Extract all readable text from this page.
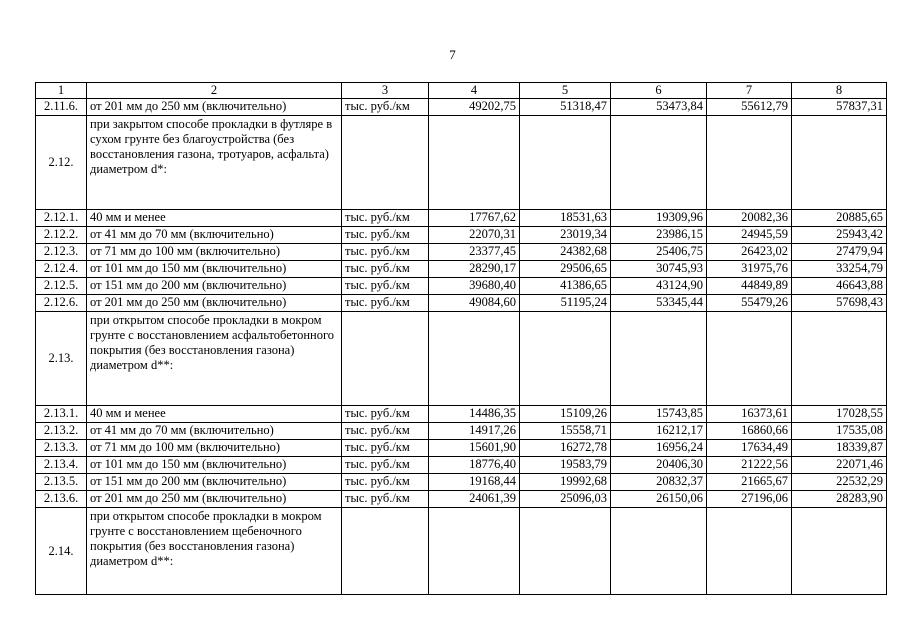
7
1	2	3	4	5	6	7	8
2.11.6.	от 201 мм до 250 мм (включительно)	тыс. руб./км	49202,75	51318,47	53473,84	55612,79	57837,31
2.12.	при закрытом способе прокладки в футляре в сухом грунте без благоустройства (без восстановления газона, тротуаров, асфальта) диаметром d*:						
2.12.1.	40 мм и менее	тыс. руб./км	17767,62	18531,63	19309,96	20082,36	20885,65
2.12.2.	от 41 мм до 70 мм (включительно)	тыс. руб./км	22070,31	23019,34	23986,15	24945,59	25943,42
2.12.3.	от 71 мм до 100 мм (включительно)	тыс. руб./км	23377,45	24382,68	25406,75	26423,02	27479,94
2.12.4.	от 101 мм до 150 мм (включительно)	тыс. руб./км	28290,17	29506,65	30745,93	31975,76	33254,79
2.12.5.	от 151 мм до 200 мм (включительно)	тыс. руб./км	39680,40	41386,65	43124,90	44849,89	46643,88
2.12.6.	от 201 мм до 250 мм (включительно)	тыс. руб./км	49084,60	51195,24	53345,44	55479,26	57698,43
2.13.	при открытом способе прокладки в мокром грунте с восстановлением асфальтобетонного покрытия (без восстановления газона) диаметром d**:						
2.13.1.	40 мм и менее	тыс. руб./км	14486,35	15109,26	15743,85	16373,61	17028,55
2.13.2.	от 41 мм до 70 мм (включительно)	тыс. руб./км	14917,26	15558,71	16212,17	16860,66	17535,08
2.13.3.	от 71 мм до 100 мм (включительно)	тыс. руб./км	15601,90	16272,78	16956,24	17634,49	18339,87
2.13.4.	от 101 мм до 150 мм (включительно)	тыс. руб./км	18776,40	19583,79	20406,30	21222,56	22071,46
2.13.5.	от 151 мм до 200 мм (включительно)	тыс. руб./км	19168,44	19992,68	20832,37	21665,67	22532,29
2.13.6.	от 201 мм до 250 мм (включительно)	тыс. руб./км	24061,39	25096,03	26150,06	27196,06	28283,90
2.14.	при открытом способе прокладки в мокром грунте с восстановлением щебеночного покрытия (без восстановления газона) диаметром d**:						
